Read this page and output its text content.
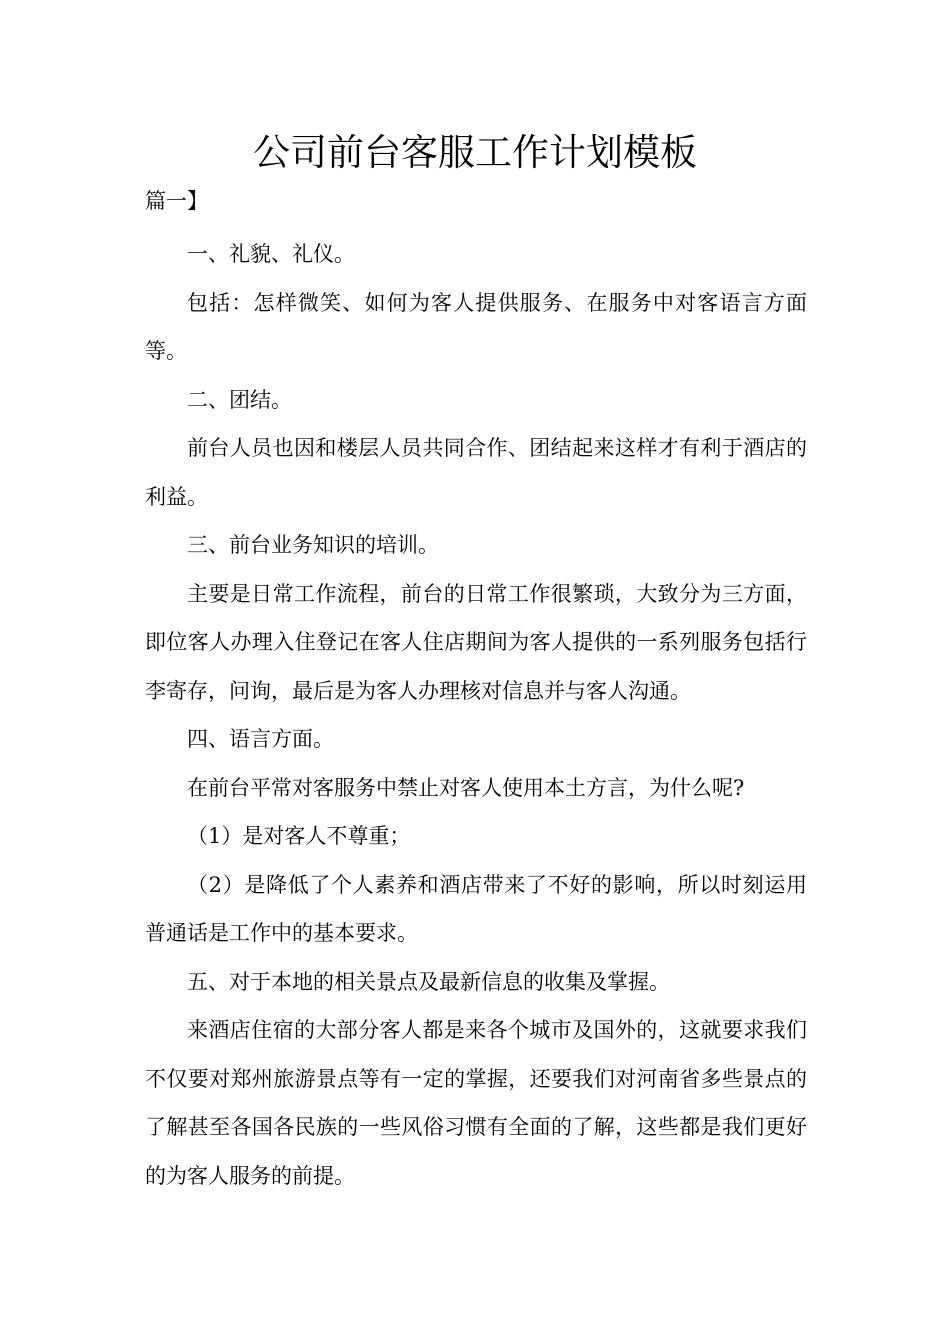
公司前台客服工作计划模板

篇一】

一、礼貌、礼仪。

包括：怎样微笑、如何为客人提供服务、在服务中对客语言方面等。

二、团结。

前台人员也因和楼层人员共同合作、团结起来这样才有利于酒店的利益。

三、前台业务知识的培训。

主要是日常工作流程，前台的日常工作很繁琐，大致分为三方面，即位客人办理入住登记在客人住店期间为客人提供的一系列服务包括行李寄存，问询，最后是为客人办理核对信息并与客人沟通。

四、语言方面。

在前台平常对客服务中禁止对客人使用本土方言，为什么呢?

（1）是对客人不尊重；

（2）是降低了个人素养和酒店带来了不好的影响，所以时刻运用普通话是工作中的基本要求。

五、对于本地的相关景点及最新信息的收集及掌握。

来酒店住宿的大部分客人都是来各个城市及国外的，这就要求我们不仅要对郑州旅游景点等有一定的掌握，还要我们对河南省多些景点的了解甚至各国各民族的一些风俗习惯有全面的了解，这些都是我们更好的为客人服务的前提。
